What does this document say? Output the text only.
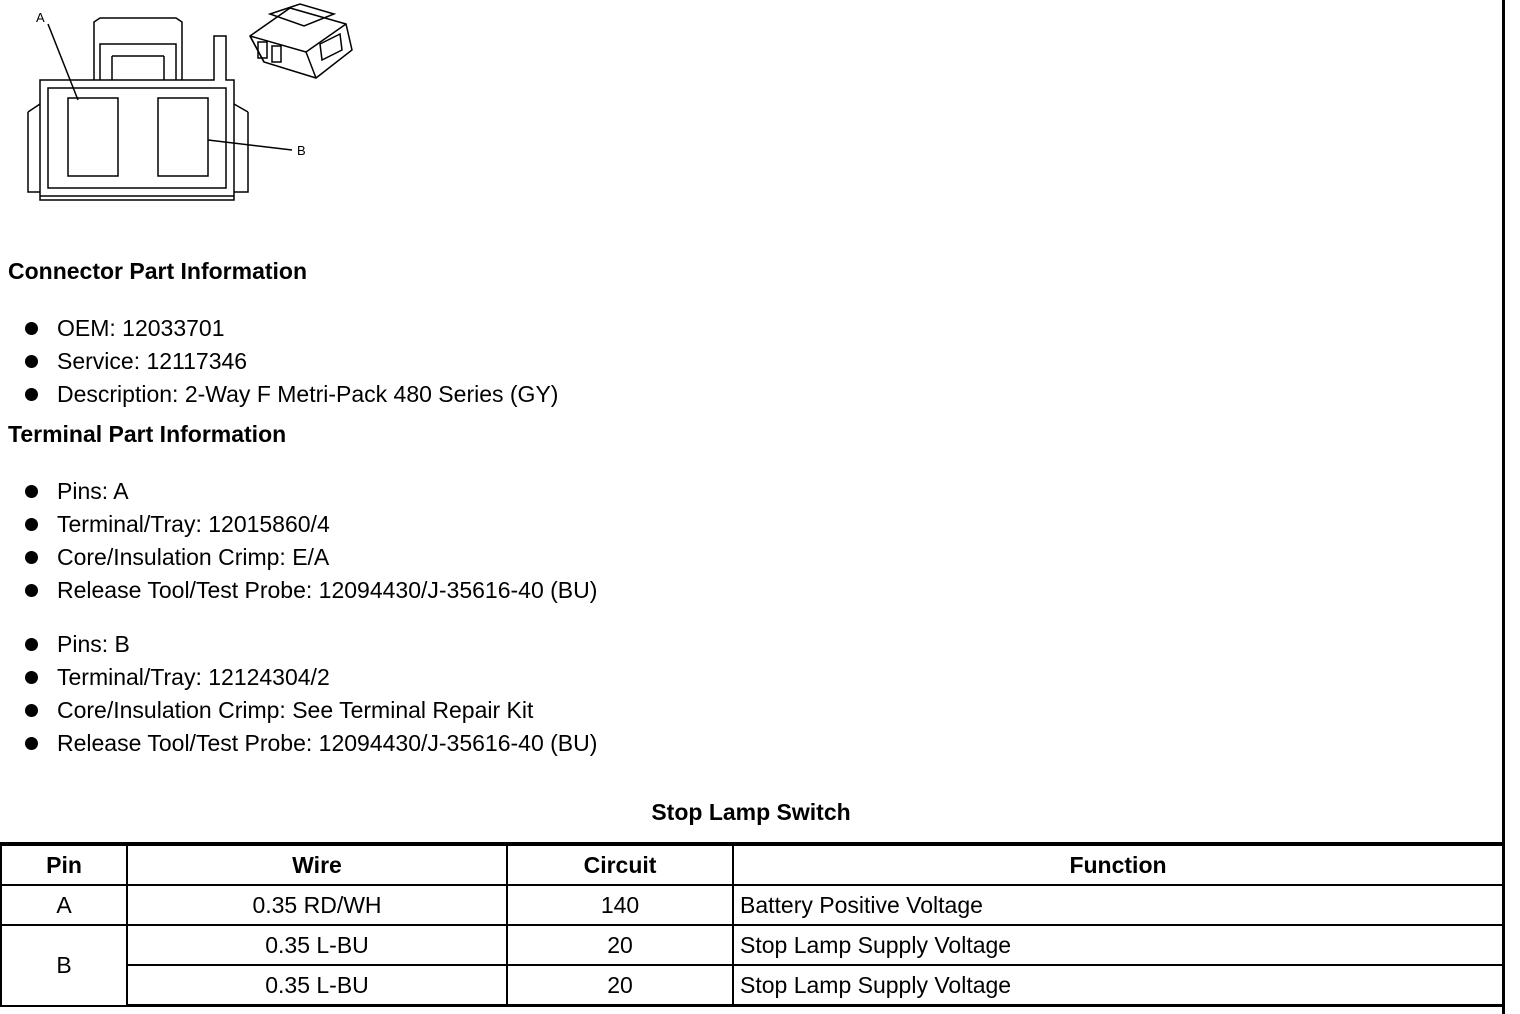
A
B
Connector Part Information
OEM: 12033701
Service: 12117346
Description: 2-Way F Metri-Pack 480 Series (GY)
Terminal Part Information
Pins: A
Terminal/Tray: 12015860/4
Core/Insulation Crimp: E/A
Release Tool/Test Probe: 12094430/J-35616-40 (BU)
Pins: B
Terminal/Tray: 12124304/2
Core/Insulation Crimp: See Terminal Repair Kit
Release Tool/Test Probe: 12094430/J-35616-40 (BU)
Stop Lamp Switch
Pin	Wire	Circuit	Function
A	0.35 RD/WH	140	Battery Positive Voltage
B	0.35 L-BU	20	Stop Lamp Supply Voltage
	0.35 L-BU	20	Stop Lamp Supply Voltage
